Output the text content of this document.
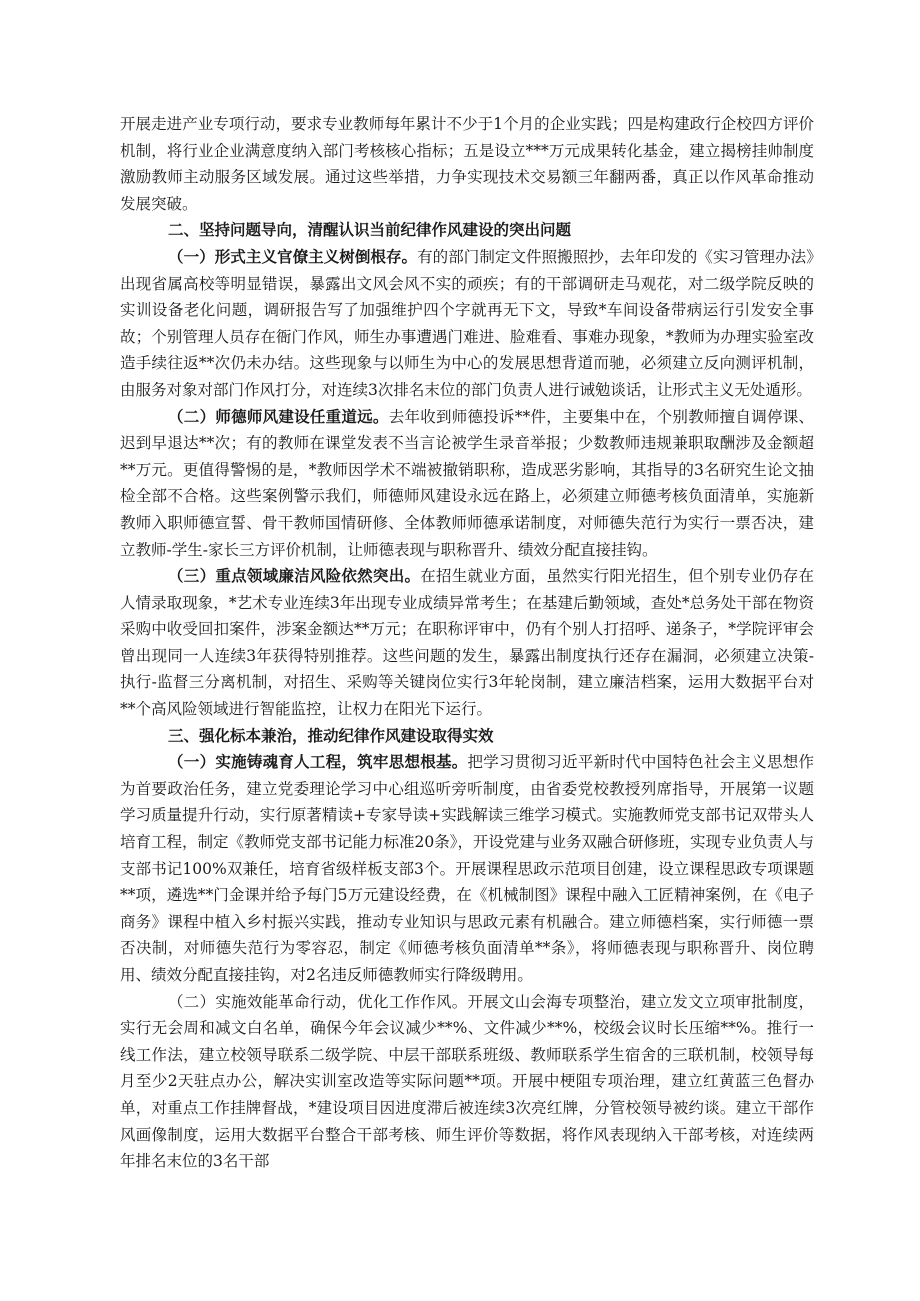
开展走进产业专项行动，要求专业教师每年累计不少于1个月的企业实践；四是构建政行企校四方评价机制，将行业企业满意度纳入部门考核核心指标；五是设立***万元成果转化基金，建立揭榜挂帅制度激励教师主动服务区域发展。通过这些举措，力争实现技术交易额三年翻两番，真正以作风革命推动发展突破。

二、坚持问题导向，清醒认识当前纪律作风建设的突出问题

（一）形式主义官僚主义树倒根存。有的部门制定文件照搬照抄，去年印发的《实习管理办法》出现省属高校等明显错误，暴露出文风会风不实的顽疾；有的干部调研走马观花，对二级学院反映的实训设备老化问题，调研报告写了加强维护四个字就再无下文，导致*车间设备带病运行引发安全事故；个别管理人员存在衙门作风，师生办事遭遇门难进、脸难看、事难办现象，*教师为办理实验室改造手续往返**次仍未办结。这些现象与以师生为中心的发展思想背道而驰，必须建立反向测评机制，由服务对象对部门作风打分，对连续3次排名末位的部门负责人进行诫勉谈话，让形式主义无处遁形。

（二）师德师风建设任重道远。去年收到师德投诉**件，主要集中在，个别教师擅自调停课、迟到早退达**次；有的教师在课堂发表不当言论被学生录音举报；少数教师违规兼职取酬涉及金额超**万元。更值得警惕的是，*教师因学术不端被撤销职称，造成恶劣影响，其指导的3名研究生论文抽检全部不合格。这些案例警示我们，师德师风建设永远在路上，必须建立师德考核负面清单，实施新教师入职师德宣誓、骨干教师国情研修、全体教师师德承诺制度，对师德失范行为实行一票否决，建立教师-学生-家长三方评价机制，让师德表现与职称晋升、绩效分配直接挂钩。

（三）重点领域廉洁风险依然突出。在招生就业方面，虽然实行阳光招生，但个别专业仍存在人情录取现象，*艺术专业连续3年出现专业成绩异常考生；在基建后勤领域，查处*总务处干部在物资采购中收受回扣案件，涉案金额达**万元；在职称评审中，仍有个别人打招呼、递条子，*学院评审会曾出现同一人连续3年获得特别推荐。这些问题的发生，暴露出制度执行还存在漏洞，必须建立决策-执行-监督三分离机制，对招生、采购等关键岗位实行3年轮岗制，建立廉洁档案，运用大数据平台对**个高风险领域进行智能监控，让权力在阳光下运行。

三、强化标本兼治，推动纪律作风建设取得实效

（一）实施铸魂育人工程，筑牢思想根基。把学习贯彻习近平新时代中国特色社会主义思想作为首要政治任务，建立党委理论学习中心组巡听旁听制度，由省委党校教授列席指导，开展第一议题学习质量提升行动，实行原著精读+专家导读+实践解读三维学习模式。实施教师党支部书记双带头人培育工程，制定《教师党支部书记能力标准20条》，开设党建与业务双融合研修班，实现专业负责人与支部书记100%双兼任，培育省级样板支部3个。开展课程思政示范项目创建，设立课程思政专项课题**项，遴选**门金课并给予每门5万元建设经费，在《机械制图》课程中融入工匠精神案例，在《电子商务》课程中植入乡村振兴实践，推动专业知识与思政元素有机融合。建立师德档案，实行师德一票否决制，对师德失范行为零容忍，制定《师德考核负面清单**条》，将师德表现与职称晋升、岗位聘用、绩效分配直接挂钩，对2名违反师德教师实行降级聘用。

（二）实施效能革命行动，优化工作作风。开展文山会海专项整治，建立发文立项审批制度，实行无会周和减文白名单，确保今年会议减少**%、文件减少**%，校级会议时长压缩**%。推行一线工作法，建立校领导联系二级学院、中层干部联系班级、教师联系学生宿舍的三联机制，校领导每月至少2天驻点办公，解决实训室改造等实际问题**项。开展中梗阻专项治理，建立红黄蓝三色督办单，对重点工作挂牌督战，*建设项目因进度滞后被连续3次亮红牌，分管校领导被约谈。建立干部作风画像制度，运用大数据平台整合干部考核、师生评价等数据，将作风表现纳入干部考核，对连续两年排名末位的3名干部
